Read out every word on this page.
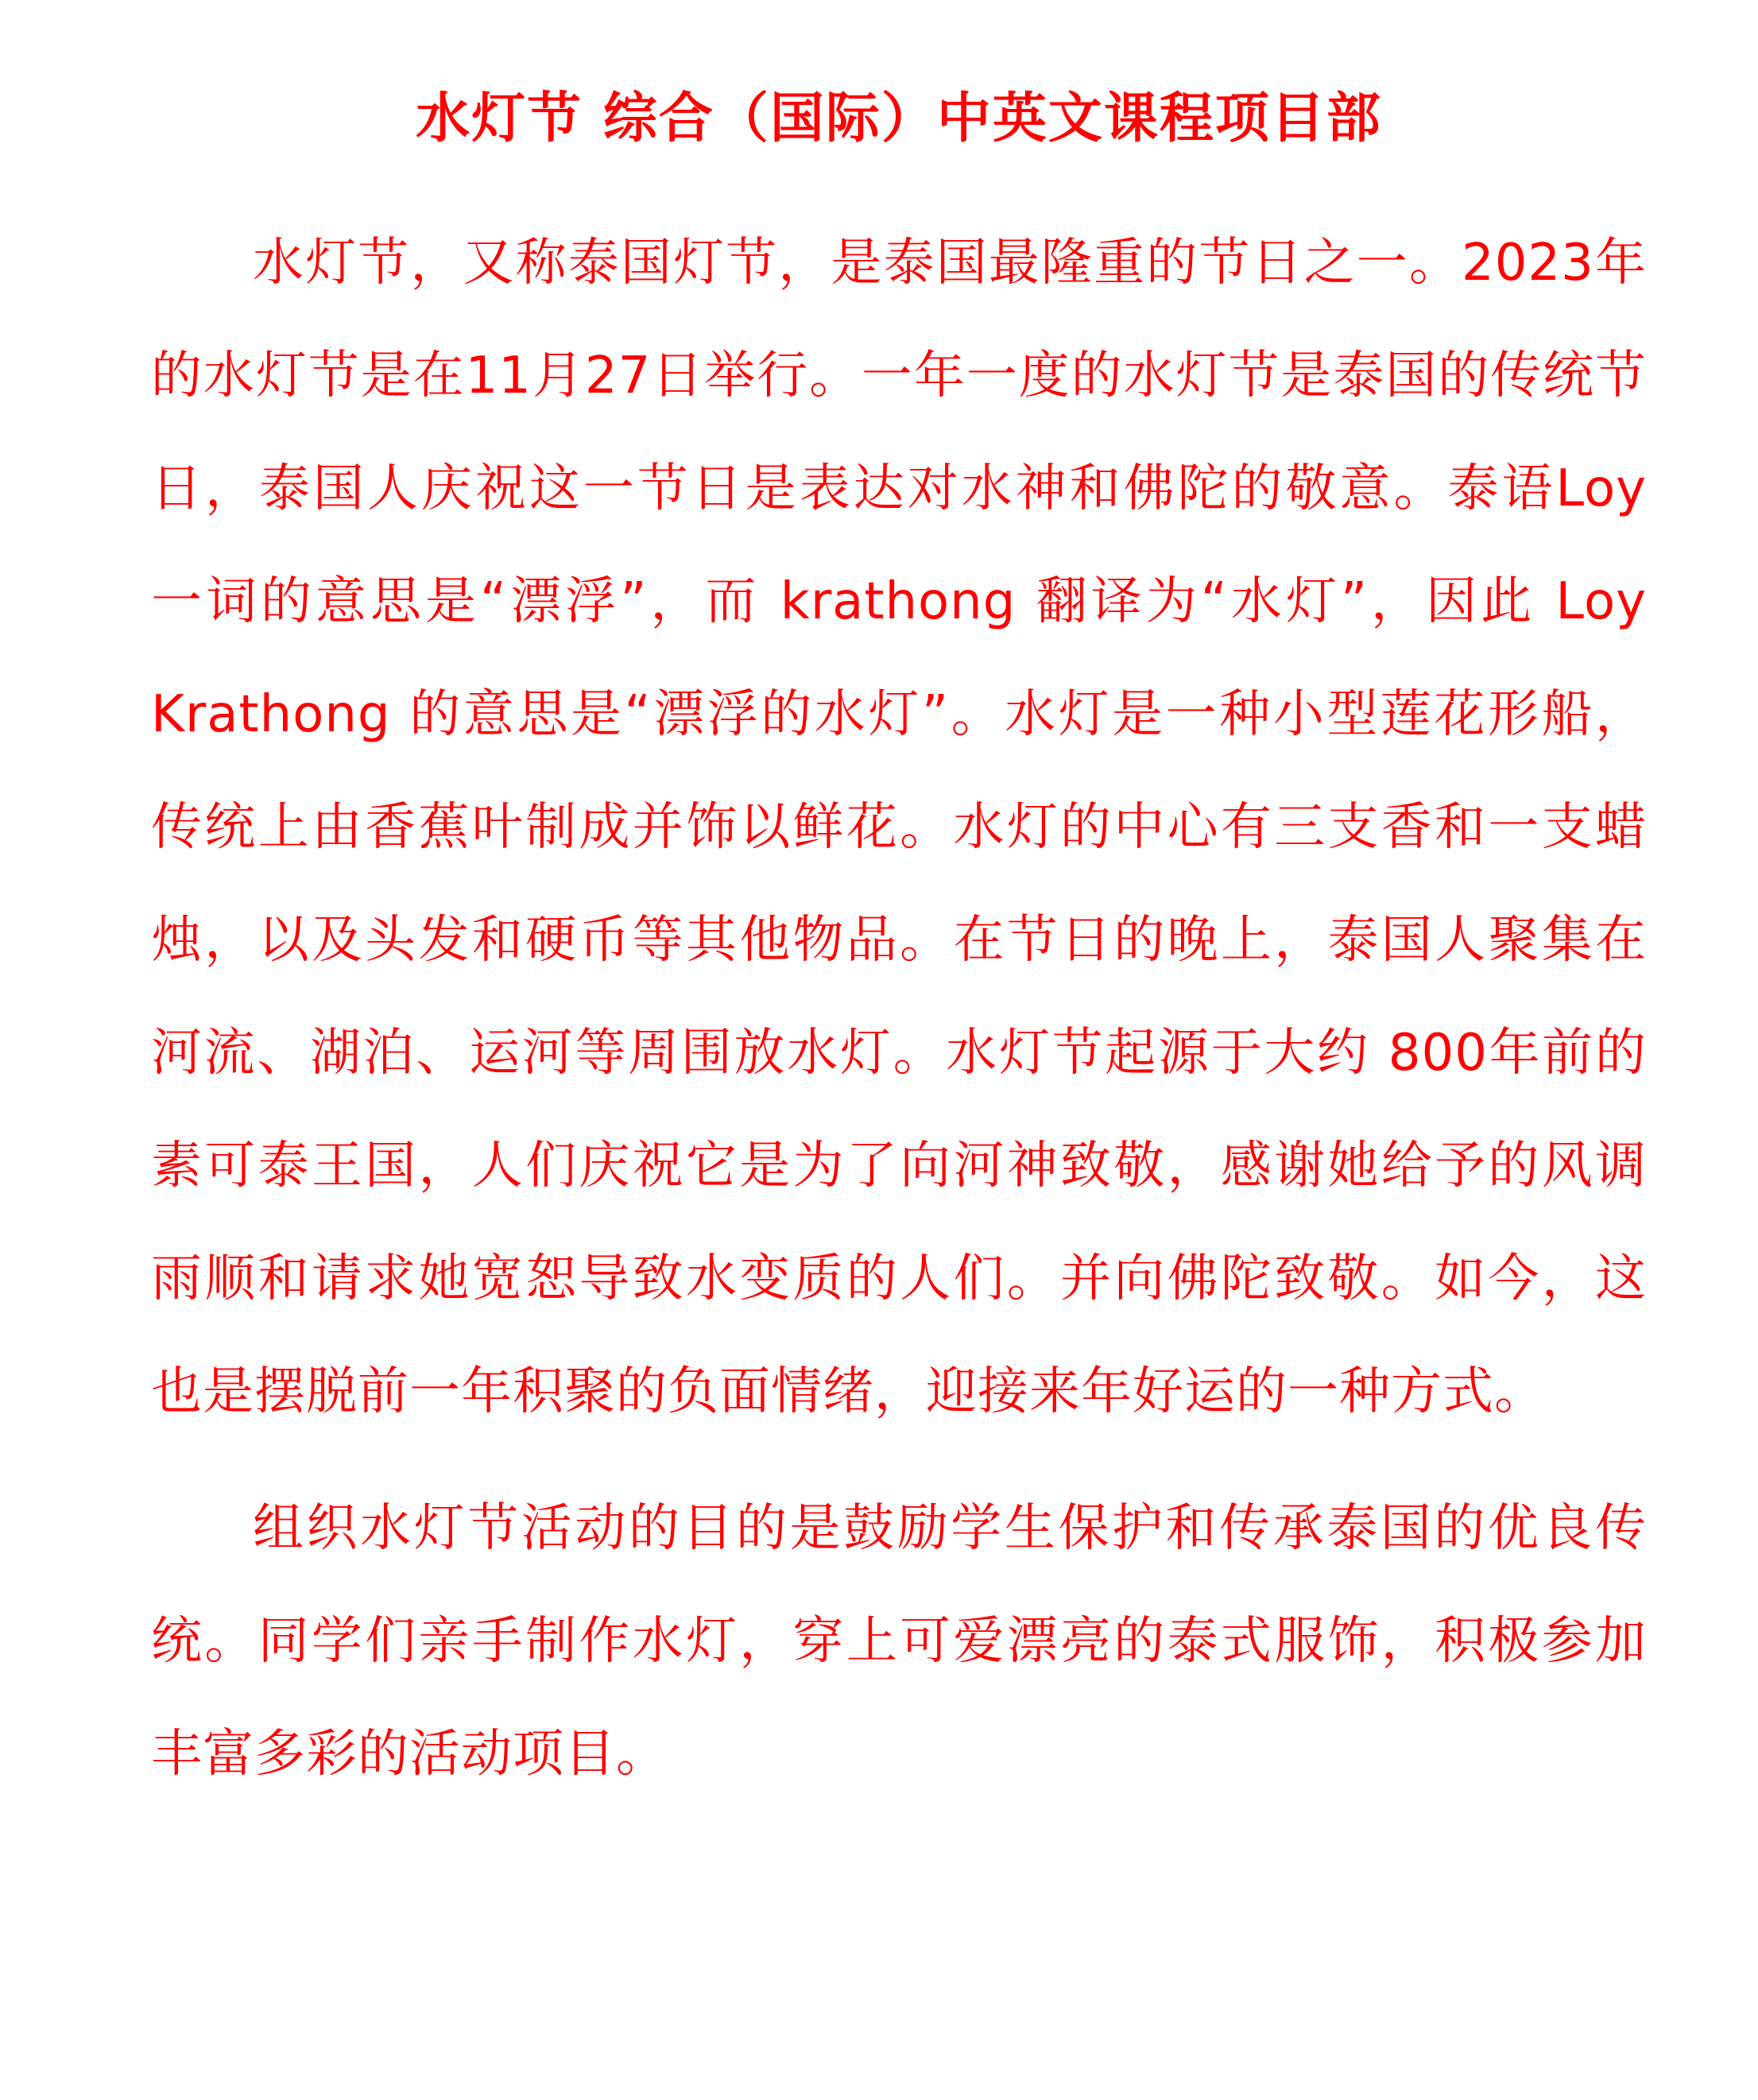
水灯节 综合（国际）中英文课程项目部

水灯节，又称泰国灯节，是泰国最隆重的节日之一。2023年的水灯节是在11月27日举行。一年一度的水灯节是泰国的传统节日，泰国人庆祝这一节日是表达对水神和佛陀的敬意。泰语Loy 一词的意思是“漂浮”，而 krathong 翻译为“水灯”，因此 Loy Krathong 的意思是“漂浮的水灯”。水灯是一种小型莲花形船，传统上由香蕉叶制成并饰以鲜花。水灯的中心有三支香和一支蜡烛，以及头发和硬币等其他物品。在节日的晚上，泰国人聚集在河流、湖泊、运河等周围放水灯。水灯节起源于大约 800年前的素可泰王国，人们庆祝它是为了向河神致敬，感谢她给予的风调雨顺和请求她宽恕导致水变质的人们。并向佛陀致敬。如今，这也是摆脱前一年积聚的负面情绪，迎接来年好运的一种方式。

组织水灯节活动的目的是鼓励学生保护和传承泰国的优良传统。同学们亲手制作水灯，穿上可爱漂亮的泰式服饰，积极参加丰富多彩的活动项目。
